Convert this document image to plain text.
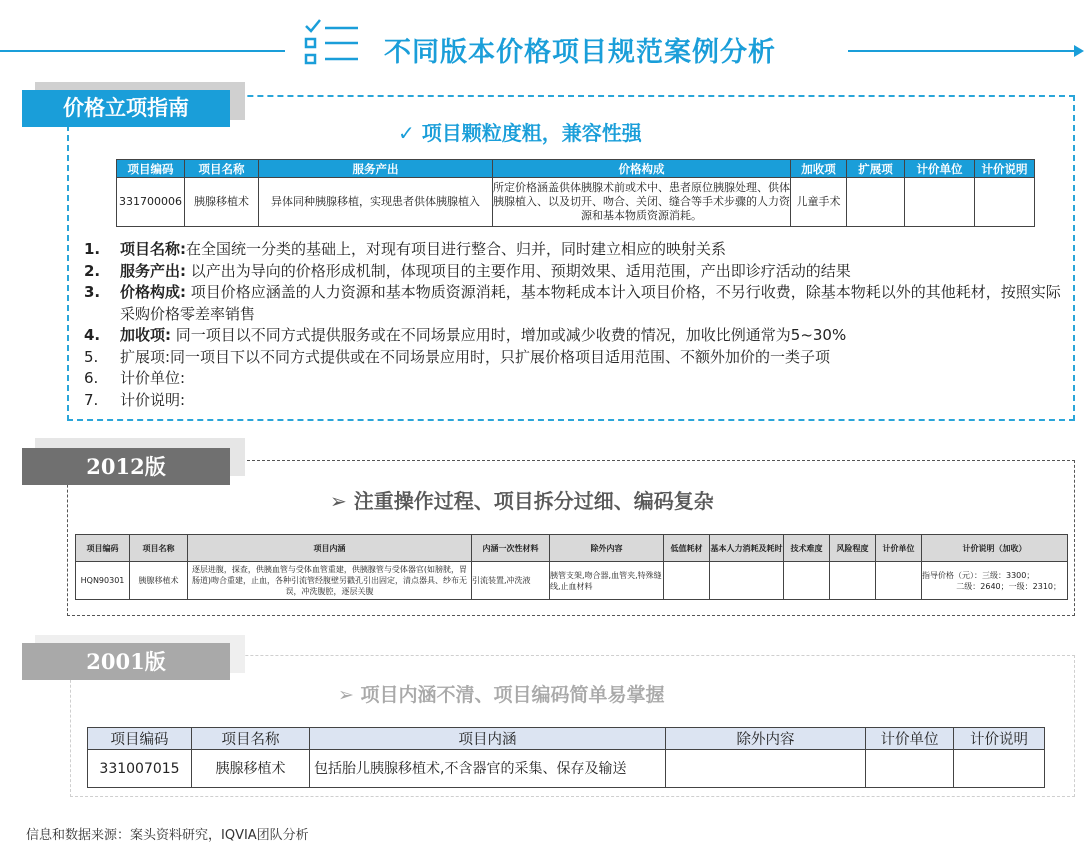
不同版本价格项目规范案例分析
价格立项指南
✓ 项目颗粒度粗，兼容性强
项目编码	项目名称	服务产出	价格构成	加收项	扩展项	计价单位	计价说明
331700006	胰腺移植术	异体同种胰腺移植，实现患者供体胰腺植入	所定价格涵盖供体胰腺术前或术中、患者原位胰腺处理、供体胰腺植入、以及切开、吻合、关闭、缝合等手术步骤的人力资源和基本物质资源消耗。	儿童手术			
1.	项目名称:在全国统一分类的基础上，对现有项目进行整合、归并，同时建立相应的映射关系
2.	服务产出: 以产出为导向的价格形成机制，体现项目的主要作用、预期效果、适用范围，产出即诊疗活动的结果
3.	价格构成: 项目价格应涵盖的人力资源和基本物质资源消耗，基本物耗成本计入项目价格，不另行收费，除基本物耗以外的其他耗材，按照实际采购价格零差率销售
4.	加收项: 同一项目以不同方式提供服务或在不同场景应用时，增加或减少收费的情况，加收比例通常为5~30%
5.	扩展项:同一项目下以不同方式提供或在不同场景应用时，只扩展价格项目适用范围、不额外加价的一类子项
6.	计价单位:
7.	计价说明:
2012版
➢ 注重操作过程、项目拆分过细、编码复杂
项目编码	项目名称	项目内涵	内涵一次性材料	除外内容	低值耗材	基本人力消耗及耗时	技术难度	风险程度	计价单位	计价说明（加收）
HQN90301	胰腺移植术	逐层进腹，探查，供胰血管与受体血管重建，供胰腺管与受体器官(如膀胱，胃肠道)吻合重建，止血，各种引流管经腹壁另戳孔引出固定，清点器具、纱布无误，冲洗腹腔，逐层关腹	引流装置,冲洗液	胰管支架,吻合器,血管夹,特殊缝线,止血材料						指导价格（元）：三级：3300；
二级：2640；一级：2310；
2001版
➢ 项目内涵不清、项目编码简单易掌握
项目编码	项目名称	项目内涵	除外内容	计价单位	计价说明
331007015	胰腺移植术	包括胎儿胰腺移植术,不含器官的采集、保存及输送			
信息和数据来源：案头资料研究，IQVIA团队分析
